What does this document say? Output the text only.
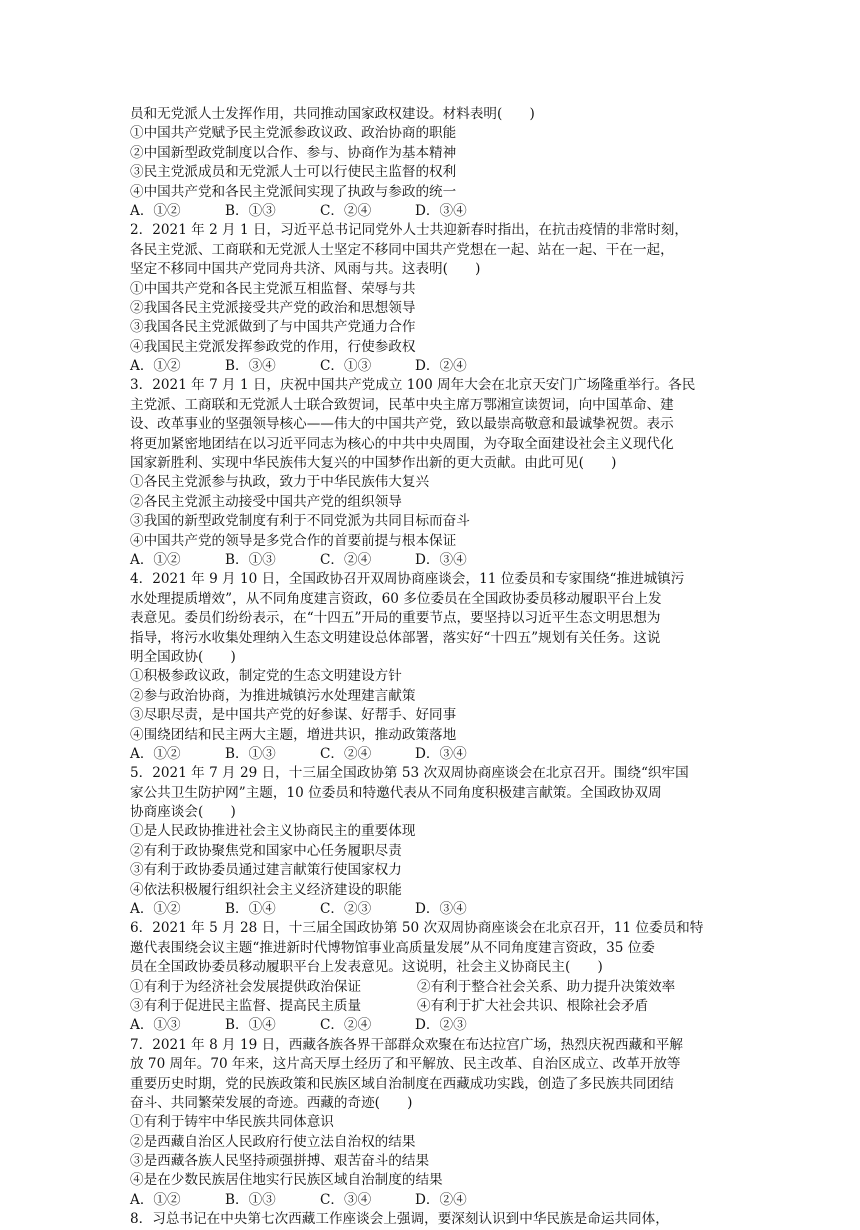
员和无党派人士发挥作用，共同推动国家政权建设。材料表明(　　)
①中国共产党赋予民主党派参政议政、政治协商的职能
②中国新型政党制度以合作、参与、协商作为基本精神
③民主党派成员和无党派人士可以行使民主监督的权利
④中国共产党和各民主党派间实现了执政与参政的统一
A．①②	B．①③	C．②④	D．③④
2．2021 年 2 月 1 日，习近平总书记同党外人士共迎新春时指出，在抗击疫情的非常时刻，
各民主党派、工商联和无党派人士坚定不移同中国共产党想在一起、站在一起、干在一起，
坚定不移同中国共产党同舟共济、风雨与共。这表明(　　)
①中国共产党和各民主党派互相监督、荣辱与共
②我国各民主党派接受共产党的政治和思想领导
③我国各民主党派做到了与中国共产党通力合作
④我国民主党派发挥参政党的作用，行使参政权
A．①②	B．③④	C．①③	D．②④
3．2021 年 7 月 1 日，庆祝中国共产党成立 100 周年大会在北京天安门广场隆重举行。各民
主党派、工商联和无党派人士联合致贺词，民革中央主席万鄂湘宣读贺词，向中国革命、建
设、改革事业的坚强领导核心——伟大的中国共产党，致以最崇高敬意和最诚挚祝贺。表示
将更加紧密地团结在以习近平同志为核心的中共中央周围，为夺取全面建设社会主义现代化
国家新胜利、实现中华民族伟大复兴的中国梦作出新的更大贡献。由此可见(　　)
①各民主党派参与执政，致力于中华民族伟大复兴
②各民主党派主动接受中国共产党的组织领导
③我国的新型政党制度有利于不同党派为共同目标而奋斗
④中国共产党的领导是多党合作的首要前提与根本保证
A．①②	B．①③	C．②④	D．③④
4．2021 年 9 月 10 日，全国政协召开双周协商座谈会，11 位委员和专家围绕“推进城镇污
水处理提质增效”，从不同角度建言资政，60 多位委员在全国政协委员移动履职平台上发
表意见。委员们纷纷表示，在“十四五”开局的重要节点，要坚持以习近平生态文明思想为
指导，将污水收集处理纳入生态文明建设总体部署，落实好“十四五”规划有关任务。这说
明全国政协(　　)
①积极参政议政，制定党的生态文明建设方针
②参与政治协商，为推进城镇污水处理建言献策
③尽职尽责，是中国共产党的好参谋、好帮手、好同事
④围绕团结和民主两大主题，增进共识，推动政策落地
A．①②	B．①③	C．②④	D．③④
5．2021 年 7 月 29 日，十三届全国政协第 53 次双周协商座谈会在北京召开。围绕“织牢国
家公共卫生防护网”主题，10 位委员和特邀代表从不同角度积极建言献策。全国政协双周
协商座谈会(　　)
①是人民政协推进社会主义协商民主的重要体现
②有利于政协聚焦党和国家中心任务履职尽责
③有利于政协委员通过建言献策行使国家权力
④依法积极履行组织社会主义经济建设的职能
A．①②	B．①④	C．②③	D．③④
6．2021 年 5 月 28 日，十三届全国政协第 50 次双周协商座谈会在北京召开，11 位委员和特
邀代表围绕会议主题“推进新时代博物馆事业高质量发展”从不同角度建言资政，35 位委
员在全国政协委员移动履职平台上发表意见。这说明，社会主义协商民主(　　)
①有利于为经济社会发展提供政治保证	②有利于整合社会关系、助力提升决策效率
③有利于促进民主监督、提高民主质量	④有利于扩大社会共识、根除社会矛盾
A．①③	B．①④	C．②④	D．②③
7．2021 年 8 月 19 日，西藏各族各界干部群众欢聚在布达拉宫广场，热烈庆祝西藏和平解
放 70 周年。70 年来，这片高天厚土经历了和平解放、民主改革、自治区成立、改革开放等
重要历史时期，党的民族政策和民族区域自治制度在西藏成功实践，创造了多民族共同团结
奋斗、共同繁荣发展的奇迹。西藏的奇迹(　　)
①有利于铸牢中华民族共同体意识
②是西藏自治区人民政府行使立法自治权的结果
③是西藏各族人民坚持顽强拼搏、艰苦奋斗的结果
④是在少数民族居住地实行民族区域自治制度的结果
A．①②	B．①③	C．③④	D．②④
8．习总书记在中央第七次西藏工作座谈会上强调，要深刻认识到中华民族是命运共同体，
